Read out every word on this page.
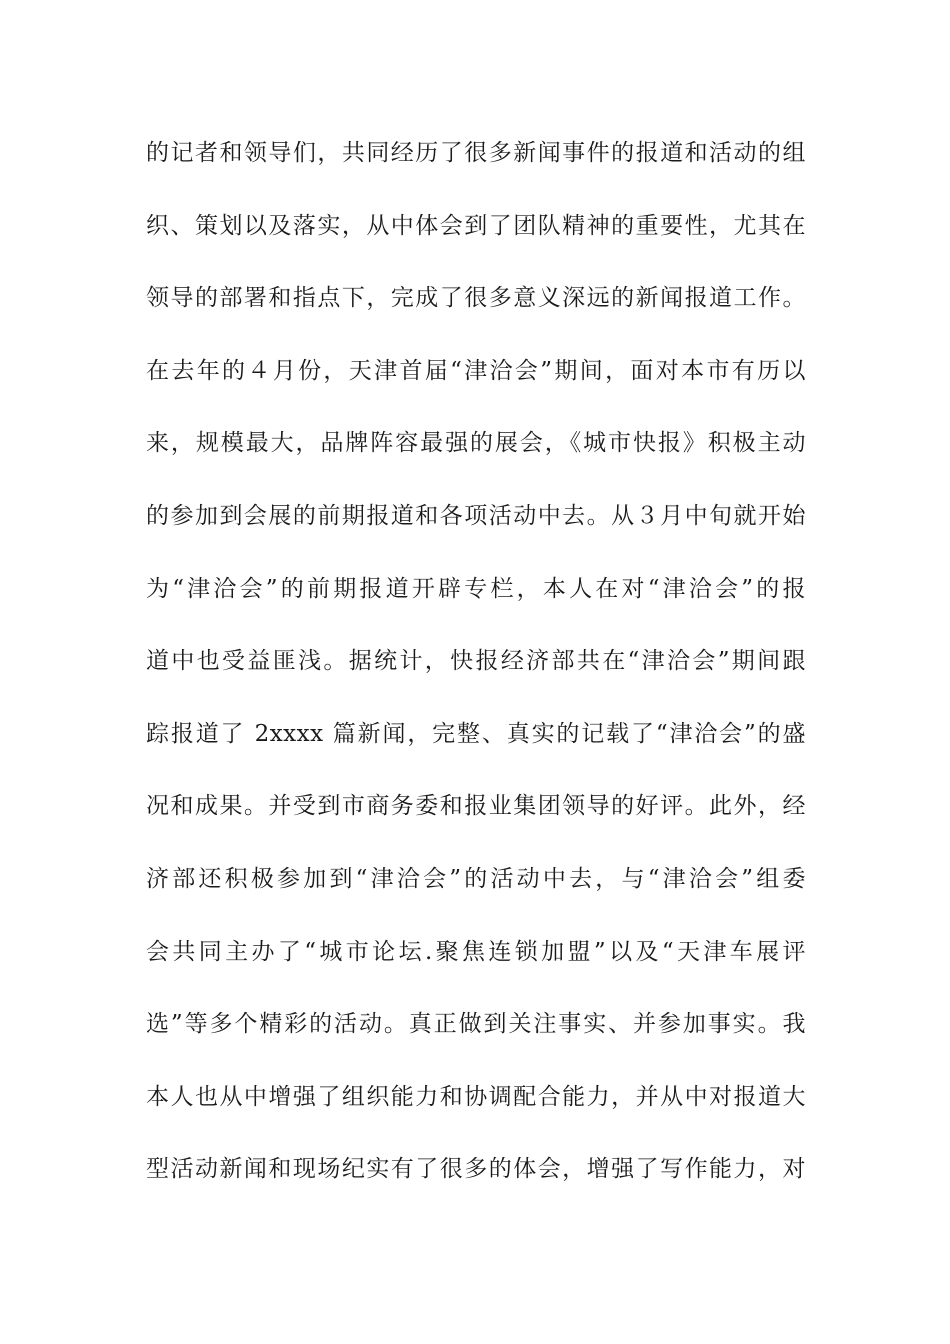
的记者和领导们，共同经历了很多新闻事件的报道和活动的组
织、策划以及落实，从中体会到了团队精神的重要性，尤其在
领导的部署和指点下，完成了很多意义深远的新闻报道工作。
在去年的４月份，天津首届“津洽会”期间，面对本市有历以
来，规模最大，品牌阵容最强的展会，《城市快报》积极主动
的参加到会展的前期报道和各项活动中去。从３月中旬就开始
为“津洽会”的前期报道开辟专栏，本人在对“津洽会”的报
道中也受益匪浅。据统计，快报经济部共在“津洽会”期间跟
踪报道了 2xxxx 篇新闻，完整、真实的记载了“津洽会”的盛
况和成果。并受到市商务委和报业集团领导的好评。此外，经
济部还积极参加到“津洽会”的活动中去，与“津洽会”组委
会共同主办了“城市论坛.聚焦连锁加盟”以及“天津车展评
选”等多个精彩的活动。真正做到关注事实、并参加事实。我
本人也从中增强了组织能力和协调配合能力，并从中对报道大
型活动新闻和现场纪实有了很多的体会，增强了写作能力，对
